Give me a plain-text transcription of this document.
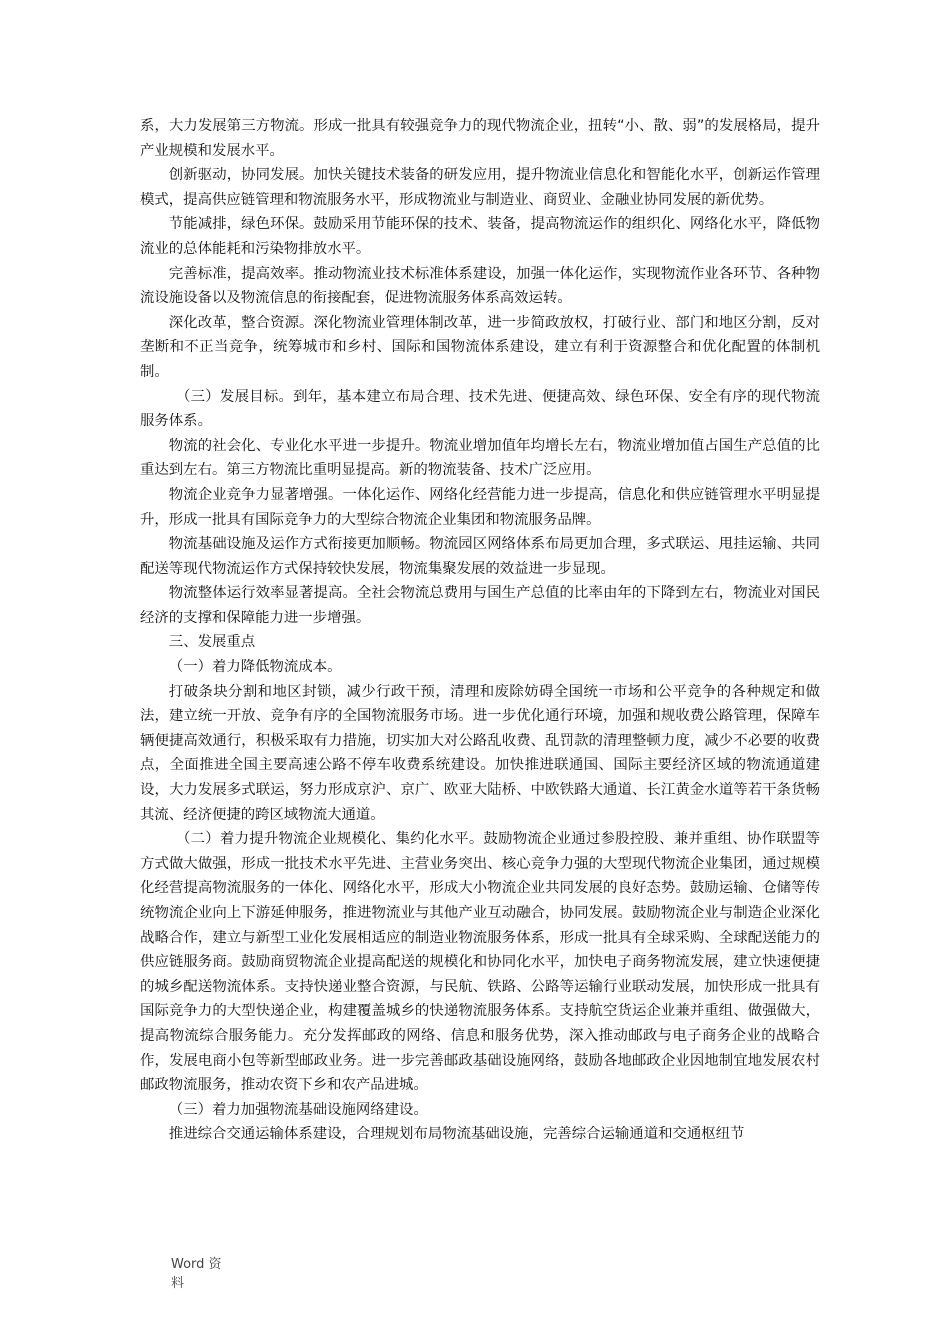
系，大力发展第三方物流。形成一批具有较强竞争力的现代物流企业，扭转“小、散、弱”的发展格局，提升产业规模和发展水平。

创新驱动，协同发展。加快关键技术装备的研发应用，提升物流业信息化和智能化水平，创新运作管理模式，提高供应链管理和物流服务水平，形成物流业与制造业、商贸业、金融业协同发展的新优势。

节能减排，绿色环保。鼓励采用节能环保的技术、装备，提高物流运作的组织化、网络化水平，降低物流业的总体能耗和污染物排放水平。

完善标准，提高效率。推动物流业技术标准体系建设，加强一体化运作，实现物流作业各环节、各种物流设施设备以及物流信息的衔接配套，促进物流服务体系高效运转。

深化改革，整合资源。深化物流业管理体制改革，进一步简政放权，打破行业、部门和地区分割，反对垄断和不正当竞争，统筹城市和乡村、国际和国物流体系建设，建立有利于资源整合和优化配置的体制机制。

（三）发展目标。到年，基本建立布局合理、技术先进、便捷高效、绿色环保、安全有序的现代物流服务体系。

物流的社会化、专业化水平进一步提升。物流业增加值年均增长左右，物流业增加值占国生产总值的比重达到左右。第三方物流比重明显提高。新的物流装备、技术广泛应用。

物流企业竞争力显著增强。一体化运作、网络化经营能力进一步提高，信息化和供应链管理水平明显提升，形成一批具有国际竞争力的大型综合物流企业集团和物流服务品牌。

物流基础设施及运作方式衔接更加顺畅。物流园区网络体系布局更加合理，多式联运、甩挂运输、共同配送等现代物流运作方式保持较快发展，物流集聚发展的效益进一步显现。

物流整体运行效率显著提高。全社会物流总费用与国生产总值的比率由年的下降到左右，物流业对国民经济的支撑和保障能力进一步增强。

三、发展重点

（一）着力降低物流成本。

打破条块分割和地区封锁，减少行政干预，清理和废除妨碍全国统一市场和公平竞争的各种规定和做法，建立统一开放、竞争有序的全国物流服务市场。进一步优化通行环境，加强和规收费公路管理，保障车辆便捷高效通行，积极采取有力措施，切实加大对公路乱收费、乱罚款的清理整顿力度，减少不必要的收费点，全面推进全国主要高速公路不停车收费系统建设。加快推进联通国、国际主要经济区域的物流通道建设，大力发展多式联运，努力形成京沪、京广、欧亚大陆桥、中欧铁路大通道、长江黄金水道等若干条货畅其流、经济便捷的跨区域物流大通道。

（二）着力提升物流企业规模化、集约化水平。鼓励物流企业通过参股控股、兼并重组、协作联盟等方式做大做强，形成一批技术水平先进、主营业务突出、核心竞争力强的大型现代物流企业集团，通过规模化经营提高物流服务的一体化、网络化水平，形成大小物流企业共同发展的良好态势。鼓励运输、仓储等传统物流企业向上下游延伸服务，推进物流业与其他产业互动融合，协同发展。鼓励物流企业与制造企业深化战略合作，建立与新型工业化发展相适应的制造业物流服务体系，形成一批具有全球采购、全球配送能力的供应链服务商。鼓励商贸物流企业提高配送的规模化和协同化水平，加快电子商务物流发展，建立快速便捷的城乡配送物流体系。支持快递业整合资源，与民航、铁路、公路等运输行业联动发展，加快形成一批具有国际竞争力的大型快递企业，构建覆盖城乡的快递物流服务体系。支持航空货运企业兼并重组、做强做大，提高物流综合服务能力。充分发挥邮政的网络、信息和服务优势，深入推动邮政与电子商务企业的战略合作，发展电商小包等新型邮政业务。进一步完善邮政基础设施网络，鼓励各地邮政企业因地制宜地发展农村邮政物流服务，推动农资下乡和农产品进城。

（三）着力加强物流基础设施网络建设。

推进综合交通运输体系建设，合理规划布局物流基础设施，完善综合运输通道和交通枢纽节

Word 资
料
